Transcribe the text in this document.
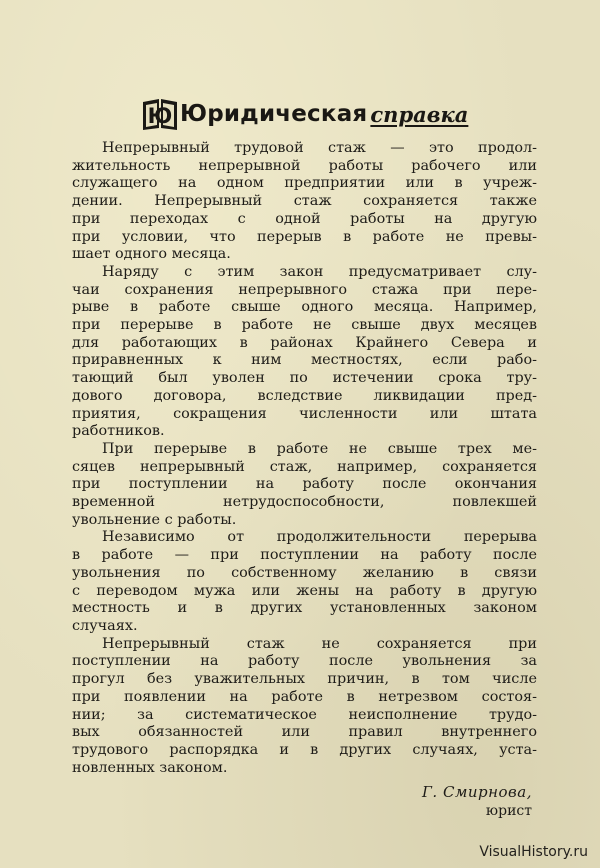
Ю Юридическая справка

Непрерывный трудовой стаж — это продол-
жительность непрерывной работы рабочего или
служащего на одном предприятии или в учреж-
дении. Непрерывный стаж сохраняется также
при переходах с одной работы на другую
при условии, что перерыв в работе не превы-
шает одного месяца.

Наряду с этим закон предусматривает слу-
чаи сохранения непрерывного стажа при пере-
рыве в работе свыше одного месяца. Например,
при перерыве в работе не свыше двух месяцев
для работающих в районах Крайнего Севера и
приравненных к ним местностях, если рабо-
тающий был уволен по истечении срока тру-
дового договора, вследствие ликвидации пред-
приятия, сокращения численности или штата
работников.

При перерыве в работе не свыше трех ме-
сяцев непрерывный стаж, например, сохраняется
при поступлении на работу после окончания
временной нетрудоспособности, повлекшей
увольнение с работы.

Независимо от продолжительности перерыва
в работе — при поступлении на работу после
увольнения по собственному желанию в связи
с переводом мужа или жены на работу в другую
местность и в других установленных законом
случаях.

Непрерывный стаж не сохраняется при
поступлении на работу после увольнения за
прогул без уважительных причин, в том числе
при появлении на работе в нетрезвом состоя-
нии; за систематическое неисполнение трудо-
вых обязанностей или правил внутреннего
трудового распорядка и в других случаях, уста-
новленных законом.

Г. Смирнова,
юрист
VisualHistory.ru
